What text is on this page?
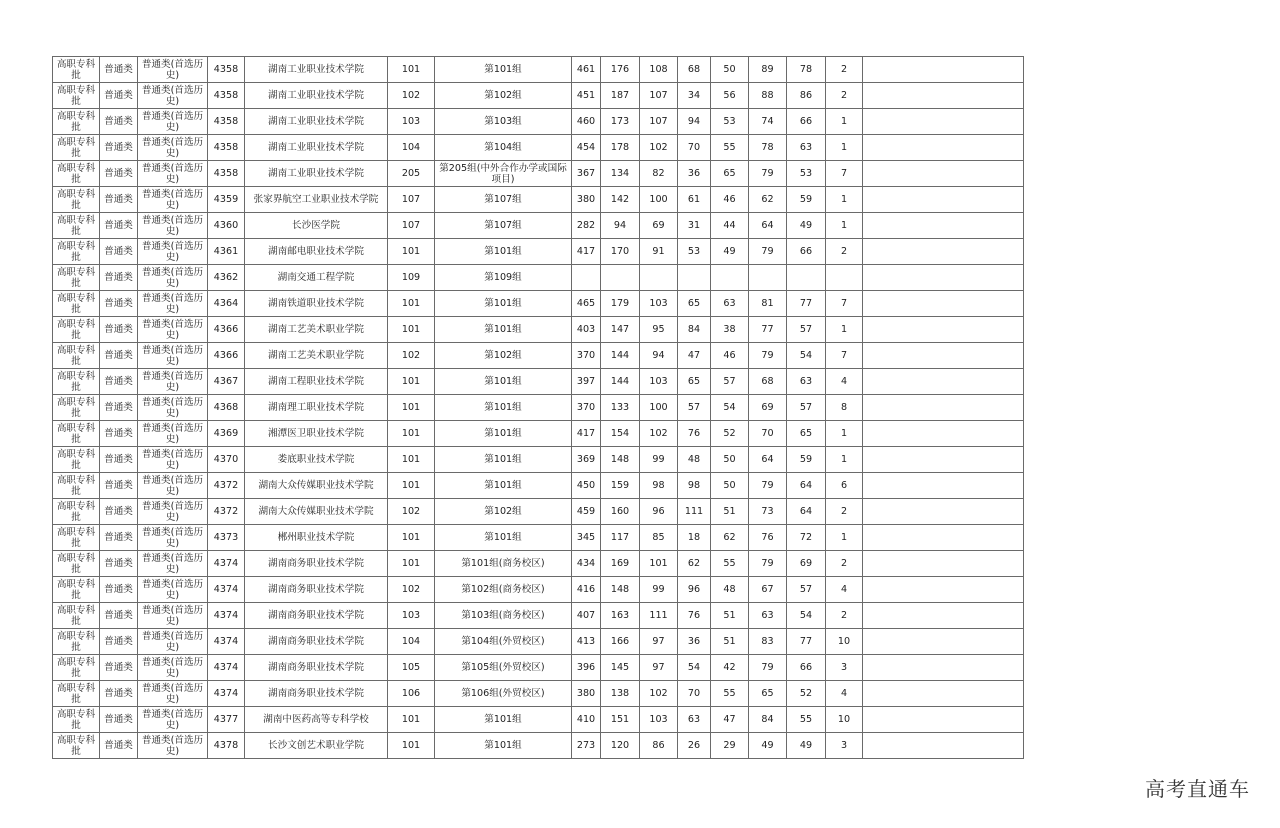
高职专科批	普通类	普通类(首选历史)	4358	湖南工业职业技术学院	101	第101组	461	176	108	68	50	89	78	2	
高职专科批	普通类	普通类(首选历史)	4358	湖南工业职业技术学院	102	第102组	451	187	107	34	56	88	86	2	
高职专科批	普通类	普通类(首选历史)	4358	湖南工业职业技术学院	103	第103组	460	173	107	94	53	74	66	1	
高职专科批	普通类	普通类(首选历史)	4358	湖南工业职业技术学院	104	第104组	454	178	102	70	55	78	63	1	
高职专科批	普通类	普通类(首选历史)	4358	湖南工业职业技术学院	205	第205组(中外合作办学或国际项目)	367	134	82	36	65	79	53	7	
高职专科批	普通类	普通类(首选历史)	4359	张家界航空工业职业技术学院	107	第107组	380	142	100	61	46	62	59	1	
高职专科批	普通类	普通类(首选历史)	4360	长沙医学院	107	第107组	282	94	69	31	44	64	49	1	
高职专科批	普通类	普通类(首选历史)	4361	湖南邮电职业技术学院	101	第101组	417	170	91	53	49	79	66	2	
高职专科批	普通类	普通类(首选历史)	4362	湖南交通工程学院	109	第109组									
高职专科批	普通类	普通类(首选历史)	4364	湖南铁道职业技术学院	101	第101组	465	179	103	65	63	81	77	7	
高职专科批	普通类	普通类(首选历史)	4366	湖南工艺美术职业学院	101	第101组	403	147	95	84	38	77	57	1	
高职专科批	普通类	普通类(首选历史)	4366	湖南工艺美术职业学院	102	第102组	370	144	94	47	46	79	54	7	
高职专科批	普通类	普通类(首选历史)	4367	湖南工程职业技术学院	101	第101组	397	144	103	65	57	68	63	4	
高职专科批	普通类	普通类(首选历史)	4368	湖南理工职业技术学院	101	第101组	370	133	100	57	54	69	57	8	
高职专科批	普通类	普通类(首选历史)	4369	湘潭医卫职业技术学院	101	第101组	417	154	102	76	52	70	65	1	
高职专科批	普通类	普通类(首选历史)	4370	娄底职业技术学院	101	第101组	369	148	99	48	50	64	59	1	
高职专科批	普通类	普通类(首选历史)	4372	湖南大众传媒职业技术学院	101	第101组	450	159	98	98	50	79	64	6	
高职专科批	普通类	普通类(首选历史)	4372	湖南大众传媒职业技术学院	102	第102组	459	160	96	111	51	73	64	2	
高职专科批	普通类	普通类(首选历史)	4373	郴州职业技术学院	101	第101组	345	117	85	18	62	76	72	1	
高职专科批	普通类	普通类(首选历史)	4374	湖南商务职业技术学院	101	第101组(商务校区)	434	169	101	62	55	79	69	2	
高职专科批	普通类	普通类(首选历史)	4374	湖南商务职业技术学院	102	第102组(商务校区)	416	148	99	96	48	67	57	4	
高职专科批	普通类	普通类(首选历史)	4374	湖南商务职业技术学院	103	第103组(商务校区)	407	163	111	76	51	63	54	2	
高职专科批	普通类	普通类(首选历史)	4374	湖南商务职业技术学院	104	第104组(外贸校区)	413	166	97	36	51	83	77	10	
高职专科批	普通类	普通类(首选历史)	4374	湖南商务职业技术学院	105	第105组(外贸校区)	396	145	97	54	42	79	66	3	
高职专科批	普通类	普通类(首选历史)	4374	湖南商务职业技术学院	106	第106组(外贸校区)	380	138	102	70	55	65	52	4	
高职专科批	普通类	普通类(首选历史)	4377	湖南中医药高等专科学校	101	第101组	410	151	103	63	47	84	55	10	
高职专科批	普通类	普通类(首选历史)	4378	长沙文创艺术职业学院	101	第101组	273	120	86	26	29	49	49	3	
高考直通车
